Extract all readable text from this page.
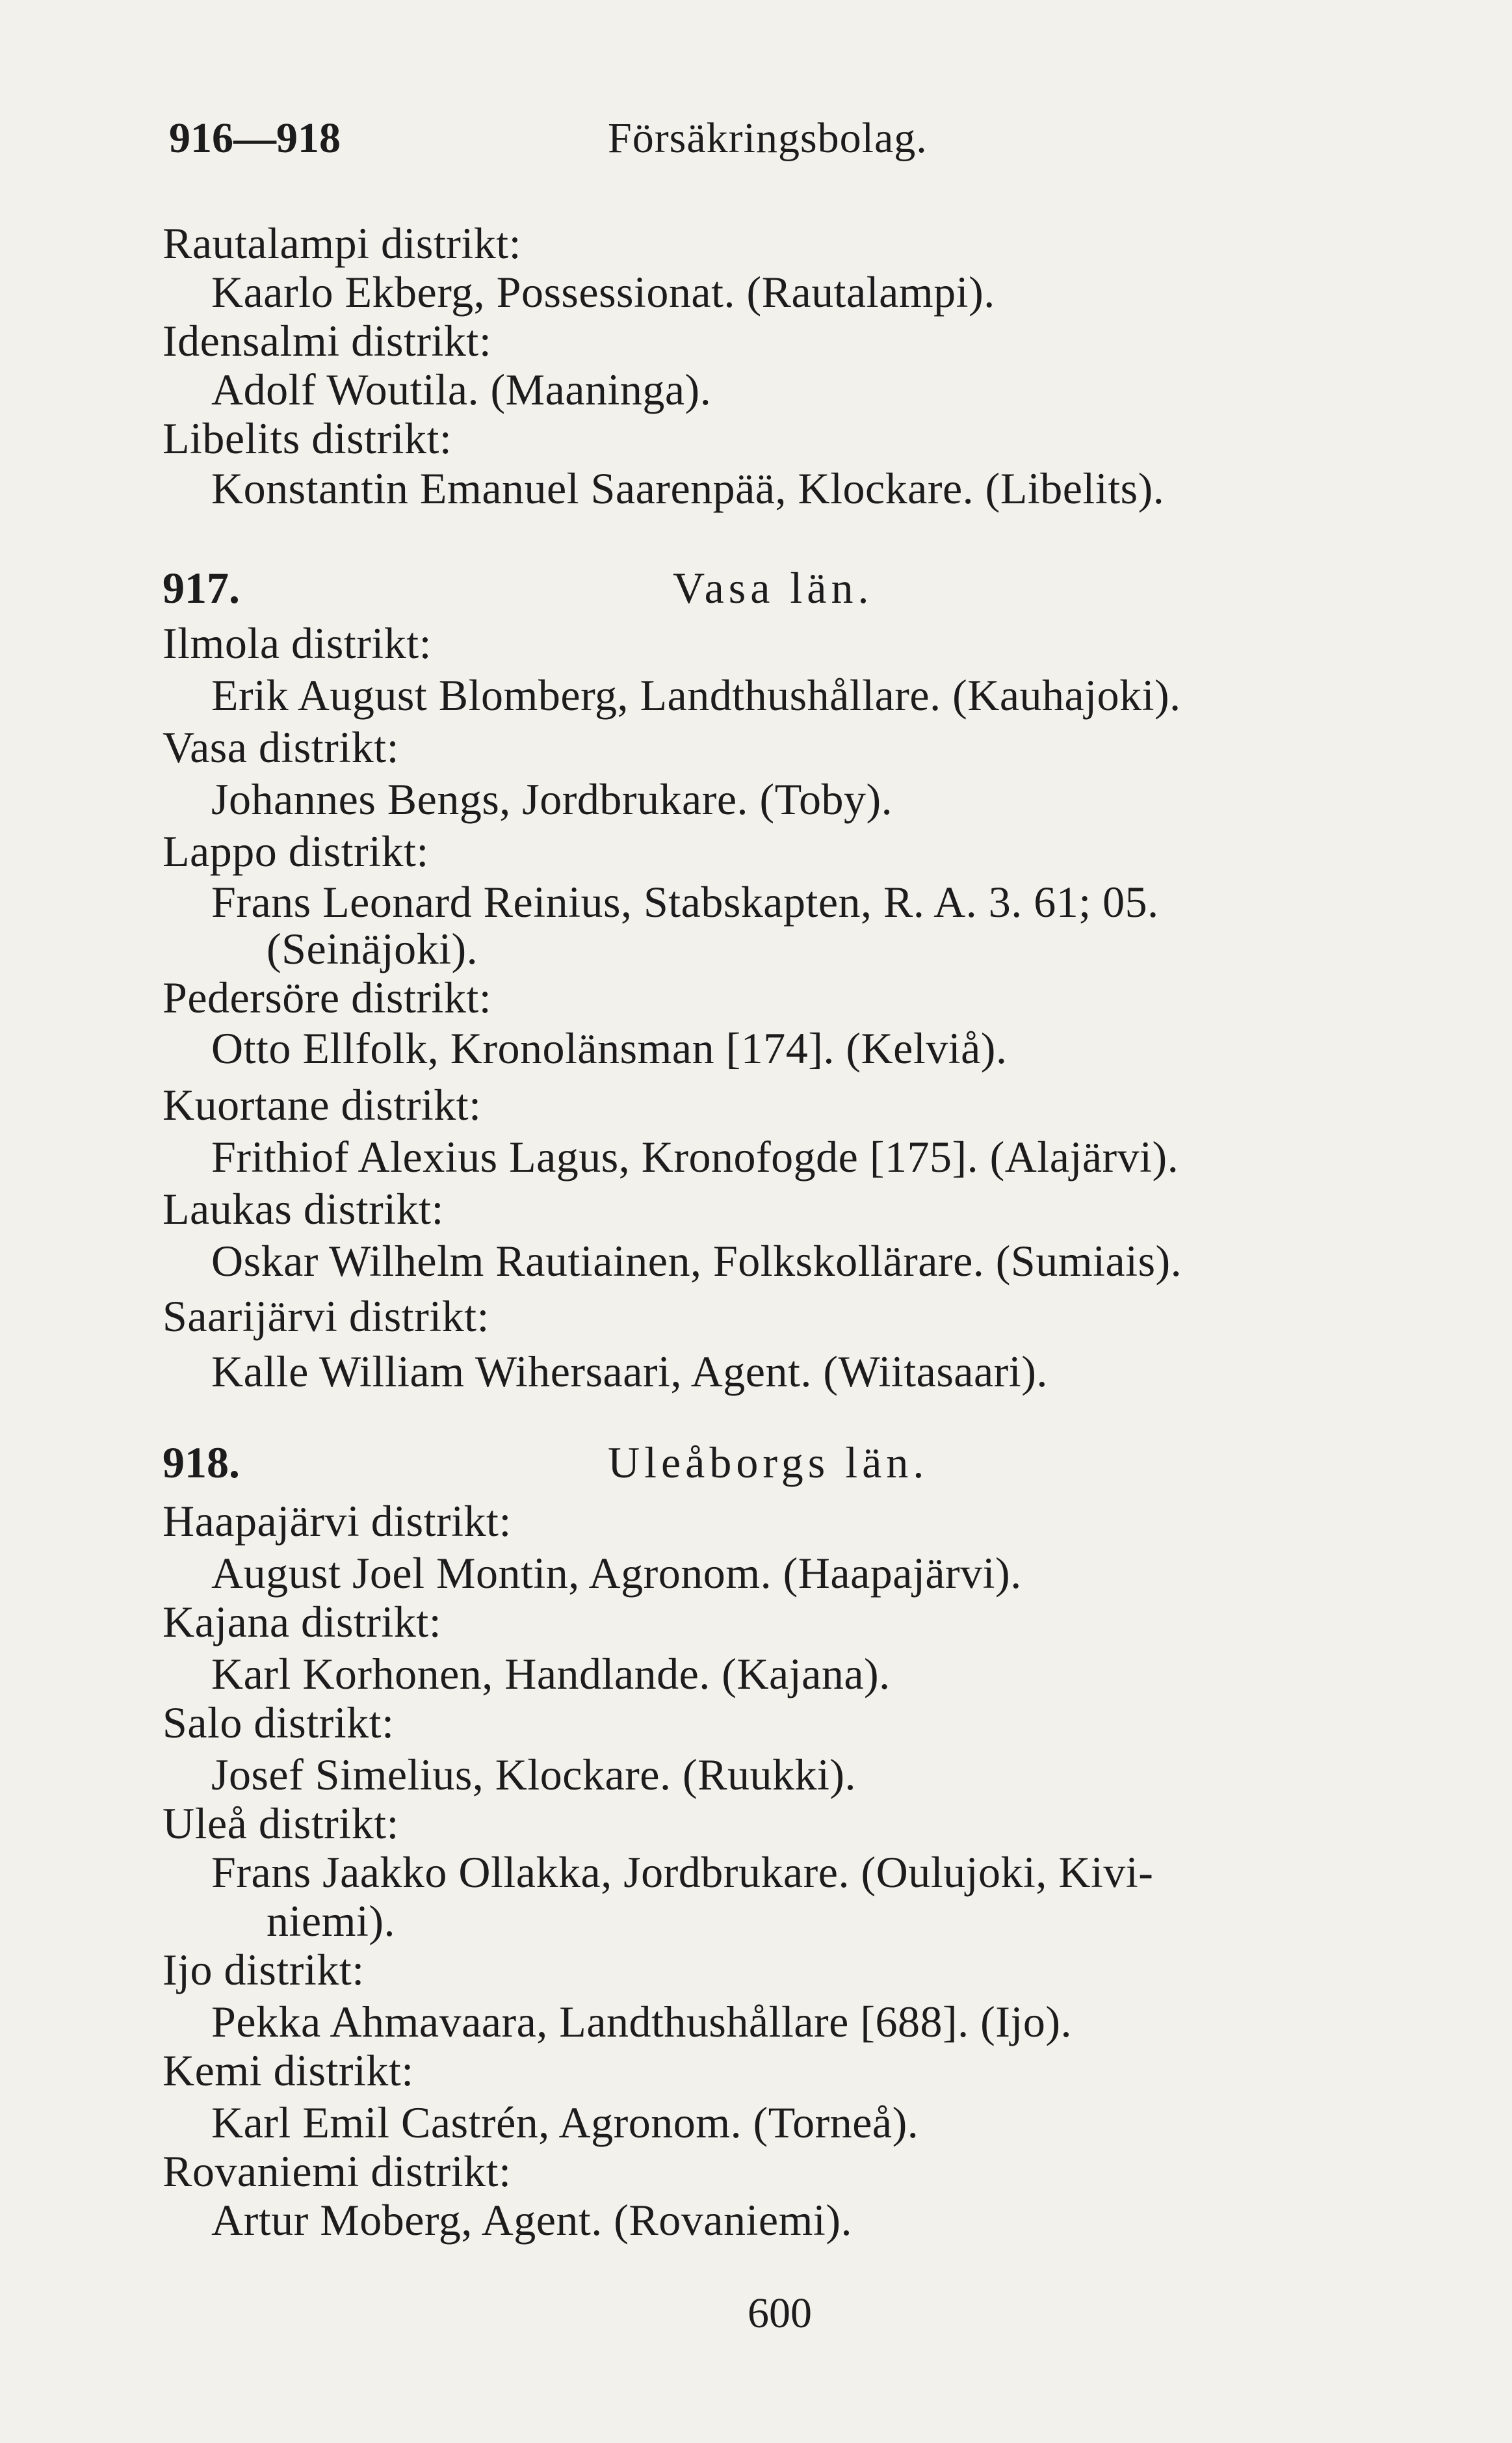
916—918	Försäkringsbolag.
Rautalampi distrikt:
Kaarlo Ekberg, Possessionat. (Rautalampi).
Idensalmi distrikt:
Adolf Woutila. (Maaninga).
Libelits distrikt:
Konstantin Emanuel Saarenpää, Klockare. (Libelits).
917.	Vasa län.
Ilmola distrikt:
Erik August Blomberg, Landthushållare. (Kauhajoki).
Vasa distrikt:
Johannes Bengs, Jordbrukare. (Toby).
Lappo distrikt:
Frans Leonard Reinius, Stabskapten, R. A. 3. 61; 05.
(Seinäjoki).
Pedersöre distrikt:
Otto Ellfolk, Kronolänsman [174]. (Kelviå).
Kuortane distrikt:
Frithiof Alexius Lagus, Kronofogde [175]. (Alajärvi).
Laukas distrikt:
Oskar Wilhelm Rautiainen, Folkskollärare. (Sumiais).
Saarijärvi distrikt:
Kalle William Wihersaari, Agent. (Wiitasaari).
918.	Uleåborgs län.
Haapajärvi distrikt:
August Joel Montin, Agronom. (Haapajärvi).
Kajana distrikt:
Karl Korhonen, Handlande. (Kajana).
Salo distrikt:
Josef Simelius, Klockare. (Ruukki).
Uleå distrikt:
Frans Jaakko Ollakka, Jordbrukare. (Oulujoki, Kivi-
niemi).
Ijo distrikt:
Pekka Ahmavaara, Landthushållare [688]. (Ijo).
Kemi distrikt:
Karl Emil Castrén, Agronom. (Torneå).
Rovaniemi distrikt:
Artur Moberg, Agent. (Rovaniemi).
600
